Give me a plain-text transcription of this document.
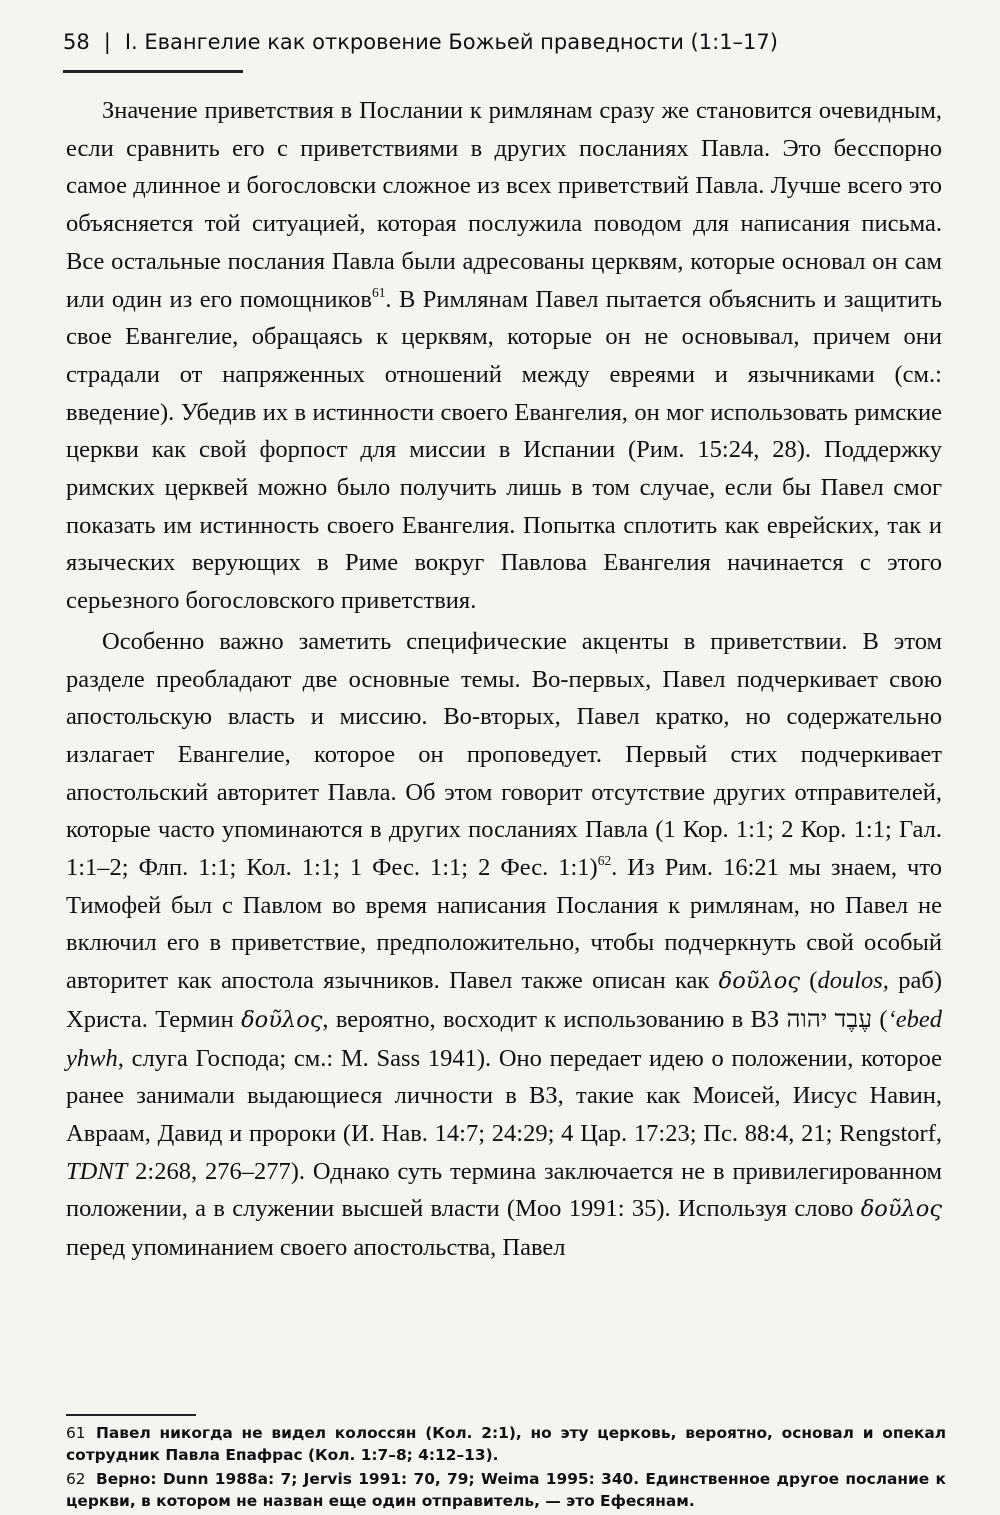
58 | I. Евангелие как откровение Божьей праведности (1:1–17)

Значение приветствия в Послании к римлянам сразу же становится очевидным, если сравнить его с приветствиями в других посланиях Павла. Это бесспорно самое длинное и богословски сложное из всех приветствий Павла. Лучше всего это объясняется той ситуацией, которая послужила поводом для написания письма. Все остальные послания Павла были адресованы церквям, которые основал он сам или один из его помощников$^{61}$. В Римлянам Павел пытается объяснить и защитить свое Евангелие, обращаясь к церквям, которые он не основывал, причем они страдали от напряженных отношений между евреями и язычниками (см.: введение). Убедив их в истинности своего Евангелия, он мог использовать римские церкви как свой форпост для миссии в Испании (Рим. 15:24, 28). Поддержку римских церквей можно было получить лишь в том случае, если бы Павел смог показать им истинность своего Евангелия. Попытка сплотить как еврейских, так и языческих верующих в Риме вокруг Павлова Евангелия начинается с этого серьезного богословского приветствия.

Особенно важно заметить специфические акценты в приветствии. В этом разделе преобладают две основные темы. Во-первых, Павел подчеркивает свою апостольскую власть и миссию. Во-вторых, Павел кратко, но содержательно излагает Евангелие, которое он проповедует. Первый стих подчеркивает апостольский авторитет Павла. Об этом говорит отсутствие других отправителей, которые часто упоминаются в других посланиях Павла (1 Кор. 1:1; 2 Кор. 1:1; Гал. 1:1–2; Флп. 1:1; Кол. 1:1; 1 Фес. 1:1; 2 Фес. 1:1)$^{62}$. Из Рим. 16:21 мы знаем, что Тимофей был с Павлом во время написания Послания к римлянам, но Павел не включил его в приветствие, предположительно, чтобы подчеркнуть свой особый авторитет как апостола язычников. Павел также описан как δοῦλος (doulos, раб) Христа. Термин δοῦλος, вероятно, восходит к использованию в ВЗ עֶבֶד יהוה (‘ebed yhwh, слуга Господа; см.: M. Sass 1941). Оно передает идею о положении, которое ранее занимали выдающиеся личности в ВЗ, такие как Моисей, Иисус Навин, Авраам, Давид и пророки (И. Нав. 14:7; 24:29; 4 Цар. 17:23; Пс. 88:4, 21; Rengstorf, TDNT 2:268, 276–277). Однако суть термина заключается не в привилегированном положении, а в служении высшей власти (Moo 1991: 35). Используя слово δοῦλος перед упоминанием своего апостольства, Павел

61 Павел никогда не видел колоссян (Кол. 2:1), но эту церковь, вероятно, основал и опекал сотрудник Павла Епафрас (Кол. 1:7–8; 4:12–13).

62 Верно: Dunn 1988a: 7; Jervis 1991: 70, 79; Weima 1995: 340. Единственное другое послание к церкви, в котором не назван еще один отправитель, — это Ефесянам.
